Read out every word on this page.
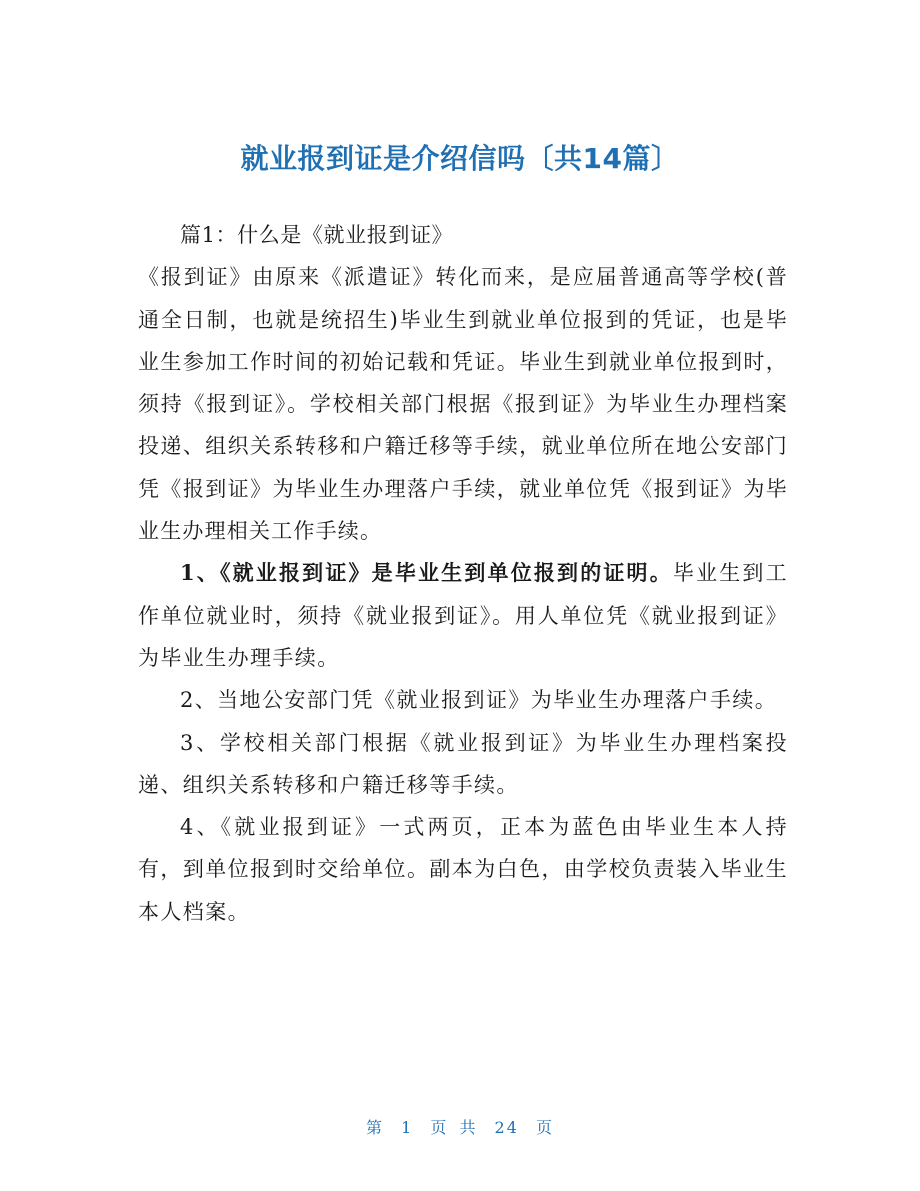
就业报到证是介绍信吗〔共14篇〕

篇1：什么是《就业报到证》

《报到证》由原来《派遣证》转化而来，是应届普通高等学校(普通全日制，也就是统招生)毕业生到就业单位报到的凭证，也是毕业生参加工作时间的初始记载和凭证。毕业生到就业单位报到时，须持《报到证》。学校相关部门根据《报到证》为毕业生办理档案投递、组织关系转移和户籍迁移等手续，就业单位所在地公安部门凭《报到证》为毕业生办理落户手续，就业单位凭《报到证》为毕业生办理相关工作手续。

1、《就业报到证》是毕业生到单位报到的证明。毕业生到工作单位就业时，须持《就业报到证》。用人单位凭《就业报到证》为毕业生办理手续。

2、当地公安部门凭《就业报到证》为毕业生办理落户手续。

3、学校相关部门根据《就业报到证》为毕业生办理档案投递、组织关系转移和户籍迁移等手续。

4、《就业报到证》一式两页，正本为蓝色由毕业生本人持有，到单位报到时交给单位。副本为白色，由学校负责装入毕业生本人档案。

第 1 页 共 24 页
